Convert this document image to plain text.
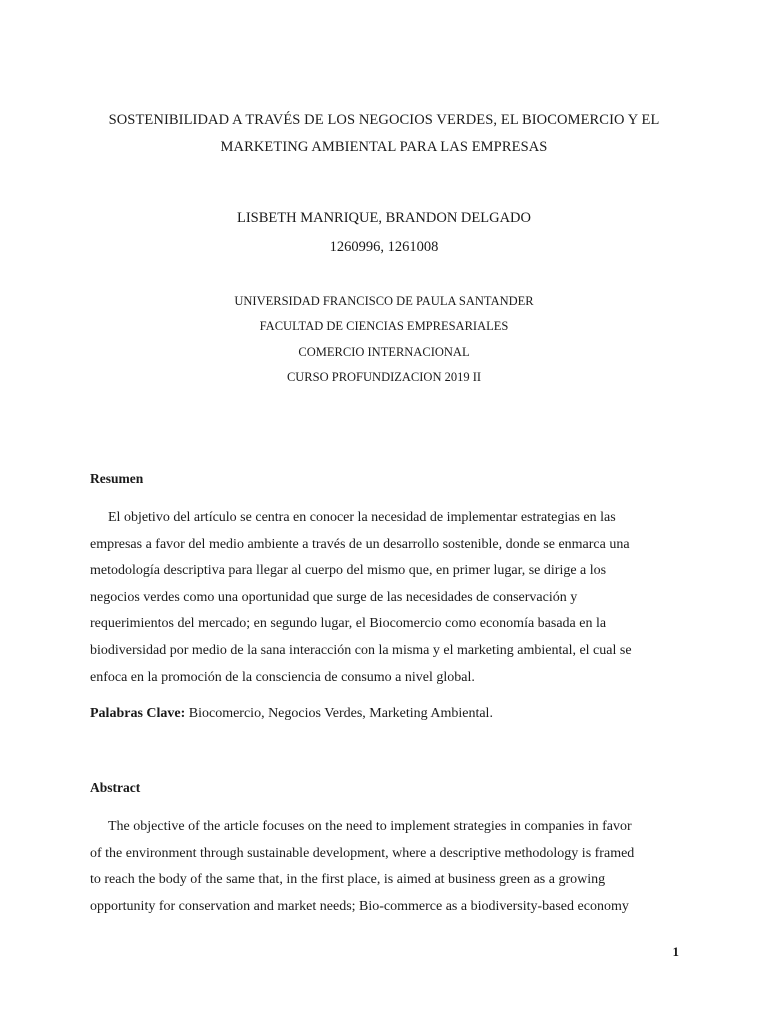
SOSTENIBILIDAD A TRAVÉS DE LOS NEGOCIOS VERDES, EL BIOCOMERCIO Y EL
MARKETING AMBIENTAL PARA LAS EMPRESAS
LISBETH MANRIQUE, BRANDON DELGADO
1260996, 1261008
UNIVERSIDAD FRANCISCO DE PAULA SANTANDER
FACULTAD DE CIENCIAS EMPRESARIALES
COMERCIO INTERNACIONAL
CURSO PROFUNDIZACION 2019 II
Resumen
El objetivo del artículo se centra en conocer la necesidad de implementar estrategias en las
empresas a favor del medio ambiente a través de un desarrollo sostenible, donde se enmarca una
metodología descriptiva para llegar al cuerpo del mismo que, en primer lugar, se dirige a los
negocios verdes como una oportunidad que surge de las necesidades de conservación y
requerimientos del mercado; en segundo lugar, el Biocomercio como economía basada en la
biodiversidad por medio de la sana interacción con la misma y el marketing ambiental, el cual se
enfoca en la promoción de la consciencia de consumo a nivel global.
Palabras Clave: Biocomercio, Negocios Verdes, Marketing Ambiental.
Abstract
The objective of the article focuses on the need to implement strategies in companies in favor
of the environment through sustainable development, where a descriptive methodology is framed
to reach the body of the same that, in the first place, is aimed at business green as a growing
opportunity for conservation and market needs; Bio-commerce as a biodiversity-based economy
1
